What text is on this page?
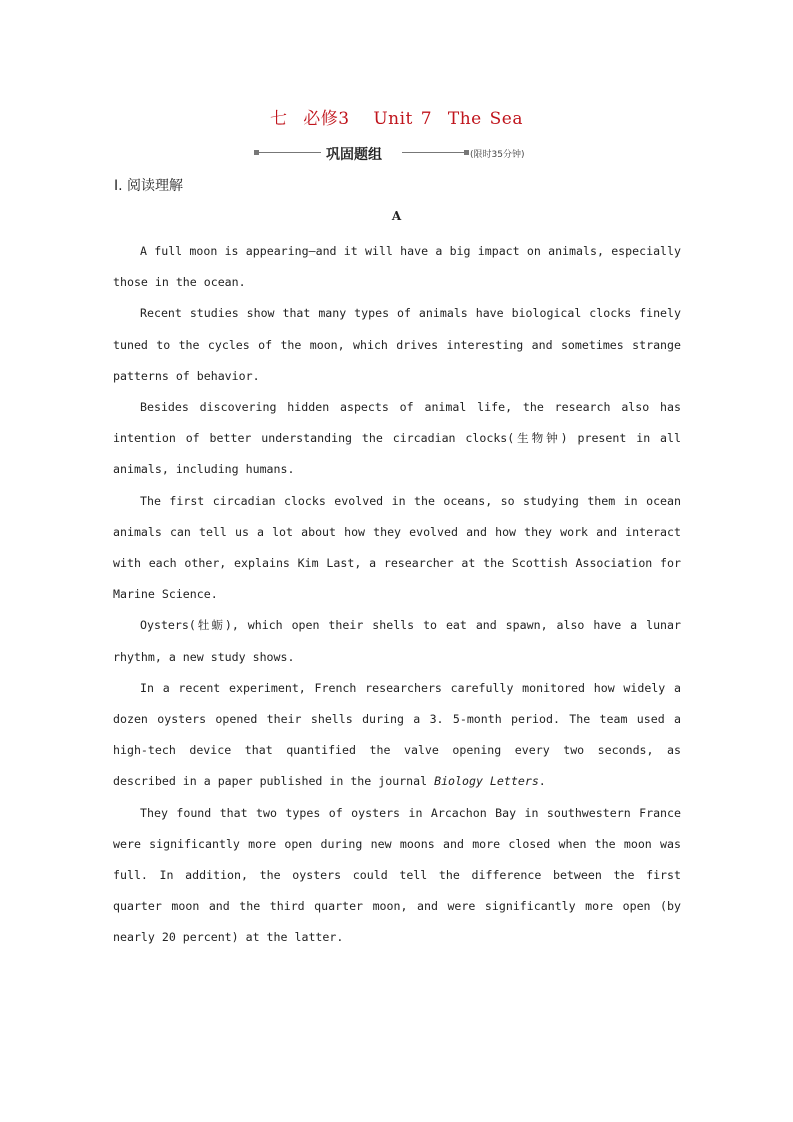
七  必修3   Unit 7  The Sea
巩固题组	(限时35分钟)
Ⅰ. 阅读理解
A

A full moon is appearing—and it will have a big impact on animals, especially those in the ocean.

Recent studies show that many types of animals have biological clocks finely tuned to the cycles of the moon, which drives interesting and sometimes strange patterns of behavior.

Besides discovering hidden aspects of animal life, the research also has intention of better understanding the circadian clocks(生物钟) present in all animals, including humans.

The first circadian clocks evolved in the oceans, so studying them in ocean animals can tell us a lot about how they evolved and how they work and interact with each other, explains Kim Last, a researcher at the Scottish Association for Marine Science.

Oysters(牡蛎), which open their shells to eat and spawn, also have a lunar rhythm, a new study shows.

In a recent experiment, French researchers carefully monitored how widely a dozen oysters opened their shells during a 3. 5-month period. The team used a high-tech device that quantified the valve opening every two seconds, as described in a paper published in the journal Biology Letters.

They found that two types of oysters in Arcachon Bay in southwestern France were significantly more open during new moons and more closed when the moon was full. In addition, the oysters could tell the difference between the first quarter moon and the third quarter moon, and were significantly more open (by nearly 20 percent) at the latter.
